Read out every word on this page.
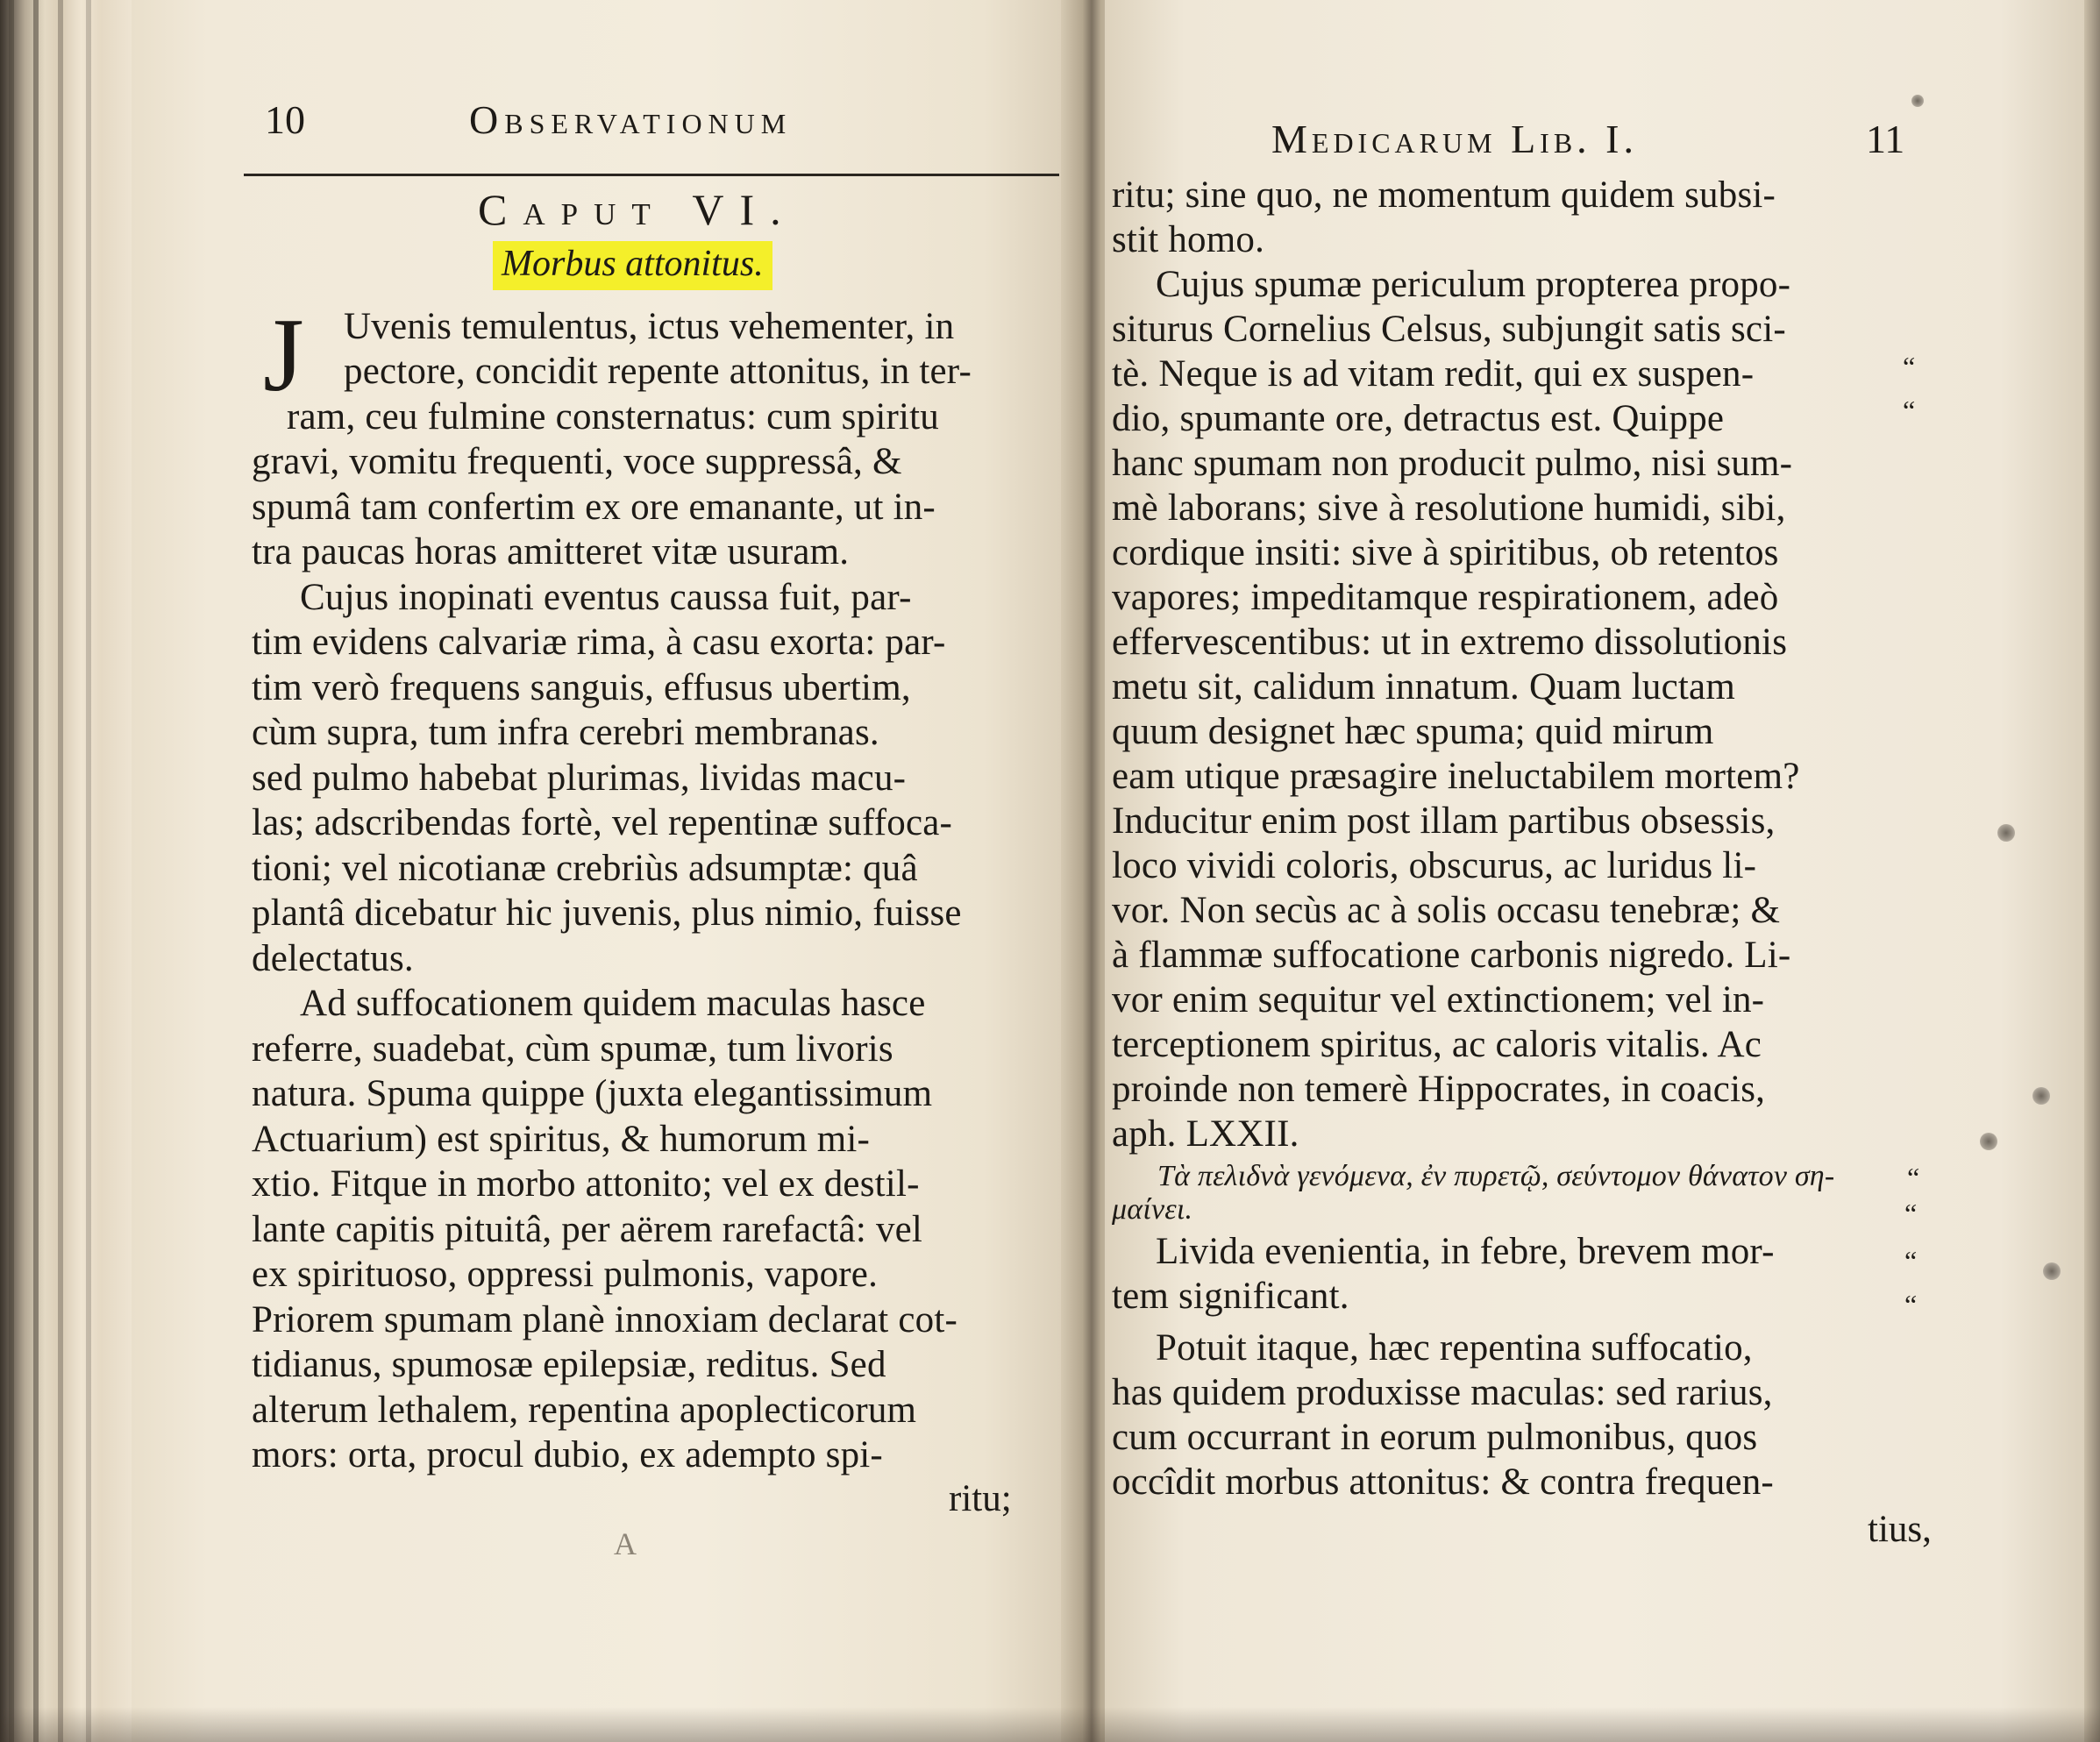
10	Observationum
Caput VI.
Morbus attonitus.
J Uvenis temulentus, ictus vehementer, in
pectore, concidit repente attonitus, in ter-
ram, ceu fulmine consternatus: cum spiritu
gravi, vomitu frequenti, voce suppressâ, &
spumâ tam confertim ex ore emanante, ut in-
tra paucas horas amitteret vitæ usuram.
Cujus inopinati eventus caussa fuit, par-
tim evidens calvariæ rima, à casu exorta: par-
tim verò frequens sanguis, effusus ubertim,
cùm supra, tum infra cerebri membranas.
sed pulmo habebat plurimas, lividas macu-
las; adscribendas fortè, vel repentinæ suffoca-
tioni; vel nicotianæ crebriùs adsumptæ: quâ
plantâ dicebatur hic juvenis, plus nimio, fuisse
delectatus.
Ad suffocationem quidem maculas hasce
referre, suadebat, cùm spumæ, tum livoris
natura. Spuma quippe (juxta elegantissimum
Actuarium) est spiritus, & humorum mi-
xtio. Fitque in morbo attonito; vel ex destil-
lante capitis pituitâ, per aërem rarefactâ: vel
ex spirituoso, oppressi pulmonis, vapore.
Priorem spumam planè innoxiam declarat cot-
tidianus, spumosæ epilepsiæ, reditus. Sed
alterum lethalem, repentina apoplecticorum
mors: orta, procul dubio, ex adempto spi-
ritu;
A
Medicarum Lib. I.	11
ritu; sine quo, ne momentum quidem subsi-
stit homo.
Cujus spumæ periculum propterea propo-
siturus Cornelius Celsus, subjungit satis sci-
tè. Neque is ad vitam redit, qui ex suspen-
dio, spumante ore, detractus est. Quippe
hanc spumam non producit pulmo, nisi sum-
mè laborans; sive à resolutione humidi, sibi,
cordique insiti: sive à spiritibus, ob retentos
vapores; impeditamque respirationem, adeò
effervescentibus: ut in extremo dissolutionis
metu sit, calidum innatum. Quam luctam
quum designet hæc spuma; quid mirum
eam utique præsagire ineluctabilem mortem?
Inducitur enim post illam partibus obsessis,
loco vividi coloris, obscurus, ac luridus li-
vor. Non secùs ac à solis occasu tenebræ; &
à flammæ suffocatione carbonis nigredo. Li-
vor enim sequitur vel extinctionem; vel in-
terceptionem spiritus, ac caloris vitalis. Ac
proinde non temerè Hippocrates, in coacis,
aph. LXXII.
Τὰ πελιδνὰ γενόμενα, ἐν πυρετῷ, σεύντομον θάνατον ση-
μαίνει.
Livida evenientia, in febre, brevem mor-
tem significant.
Potuit itaque, hæc repentina suffocatio,
has quidem produxisse maculas: sed rarius,
cum occurrant in eorum pulmonibus, quos
occîdit morbus attonitus: & contra frequen-
“
“
“
“
“
“
tius,
